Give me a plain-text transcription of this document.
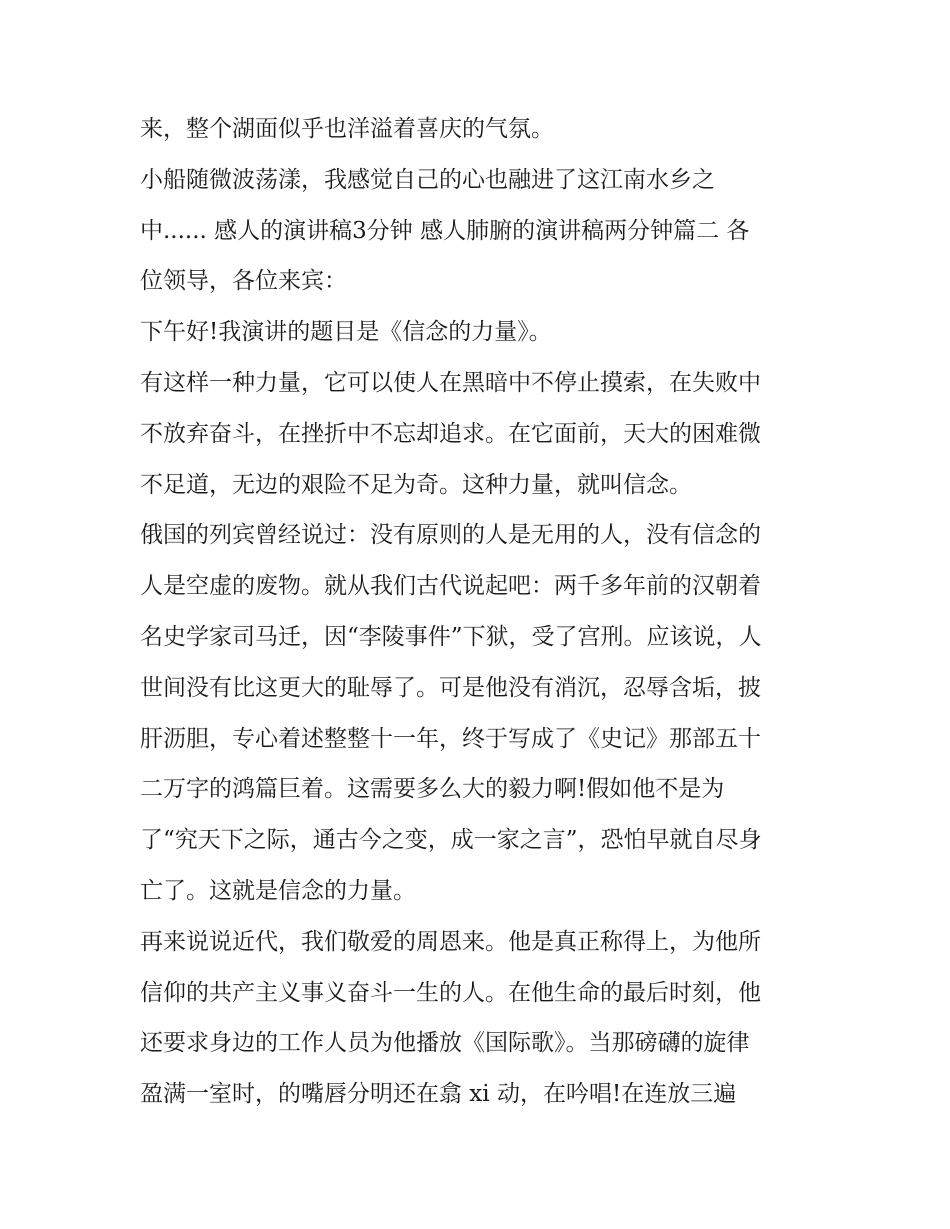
来，整个湖面似乎也洋溢着喜庆的气氛。
小船随微波荡漾，我感觉自己的心也融进了这江南水乡之
中...... 感人的演讲稿3分钟 感人肺腑的演讲稿两分钟篇二 各
位领导，各位来宾：
下午好!我演讲的题目是《信念的力量》。
有这样一种力量，它可以使人在黑暗中不停止摸索，在失败中
不放弃奋斗，在挫折中不忘却追求。在它面前，天大的困难微
不足道，无边的艰险不足为奇。这种力量，就叫信念。
俄国的列宾曾经说过：没有原则的人是无用的人，没有信念的
人是空虚的废物。就从我们古代说起吧：两千多年前的汉朝着
名史学家司马迁，因“李陵事件”下狱，受了宫刑。应该说，人
世间没有比这更大的耻辱了。可是他没有消沉，忍辱含垢，披
肝沥胆，专心着述整整十一年，终于写成了《史记》那部五十
二万字的鸿篇巨着。这需要多么大的毅力啊!假如他不是为
了“究天下之际，通古今之变，成一家之言”，恐怕早就自尽身
亡了。这就是信念的力量。
再来说说近代，我们敬爱的周恩来。他是真正称得上，为他所
信仰的共产主义事义奋斗一生的人。在他生命的最后时刻，他
还要求身边的工作人员为他播放《国际歌》。当那磅礴的旋律
盈满一室时，的嘴唇分明还在翕 xi 动，在吟唱!在连放三遍
